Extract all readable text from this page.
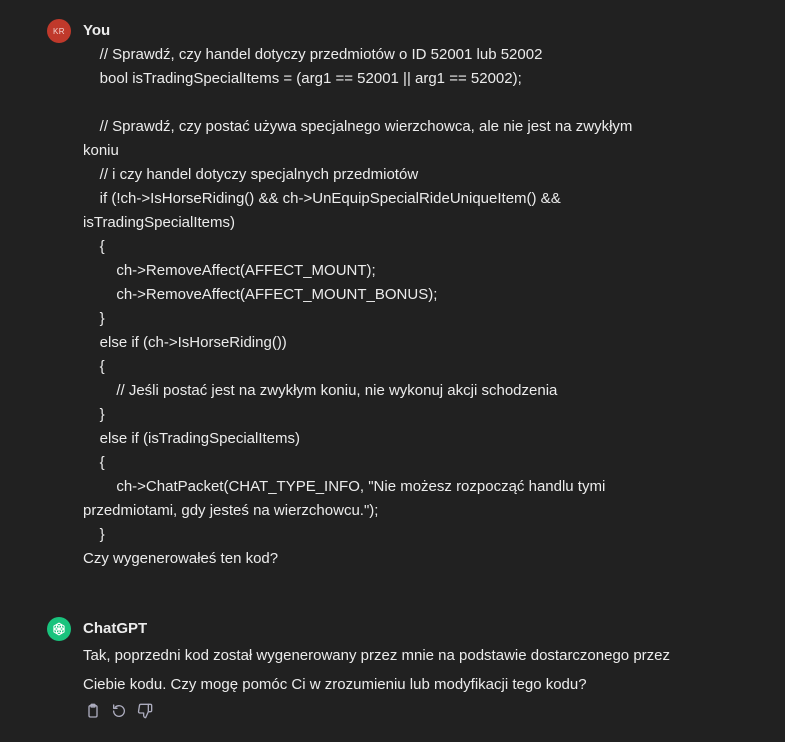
KR You
// Sprawdź, czy handel dotyczy przedmiotów o ID 52001 lub 52002
bool isTradingSpecialItems = (arg1 == 52001 || arg1 == 52002);
// Sprawdź, czy postać używa specjalnego wierzchowca, ale nie jest na zwykłym
koniu
// i czy handel dotyczy specjalnych przedmiotów
if (!ch->IsHorseRiding() && ch->UnEquipSpecialRideUniqueItem() &&
isTradingSpecialItems)
{
ch->RemoveAffect(AFFECT_MOUNT);
ch->RemoveAffect(AFFECT_MOUNT_BONUS);
}
else if (ch->IsHorseRiding())
{
// Jeśli postać jest na zwykłym koniu, nie wykonuj akcji schodzenia
}
else if (isTradingSpecialItems)
{
ch->ChatPacket(CHAT_TYPE_INFO, "Nie możesz rozpocząć handlu tymi
przedmiotami, gdy jesteś na wierzchowcu.");
}
Czy wygenerowałeś ten kod?
ChatGPT
Tak, poprzedni kod został wygenerowany przez mnie na podstawie dostarczonego przez Ciebie kodu. Czy mogę pomóc Ci w zrozumieniu lub modyfikacji tego kodu?
